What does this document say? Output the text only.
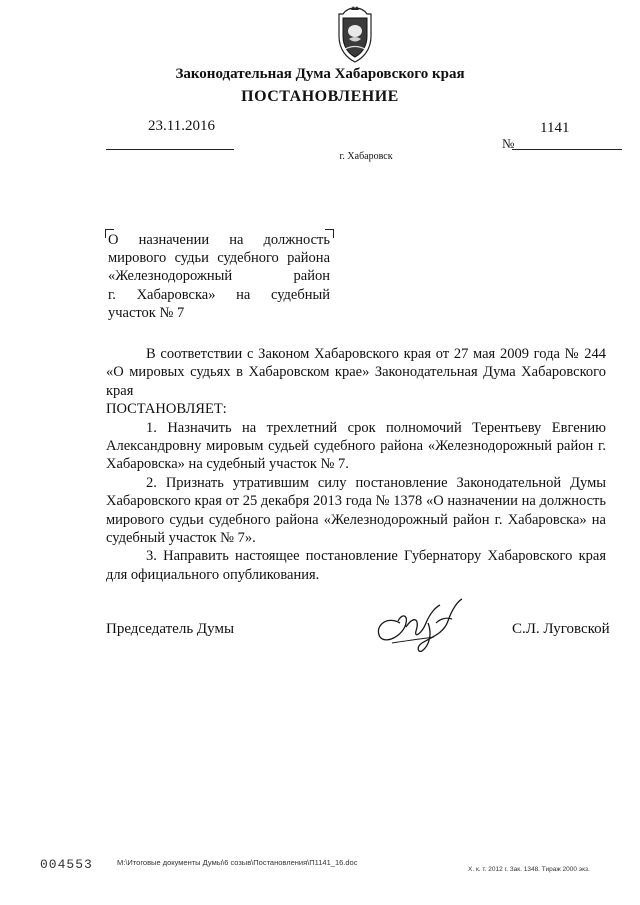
Законодательная Дума Хабаровского края
ПОСТАНОВЛЕНИЕ
23.11.2016
№
1141
г. Хабаровск
О назначении на должность
мирового судьи судебного района
«Железнодорожный район
г. Хабаровска» на судебный
участок № 7

В соответствии с Законом Хабаровского края от 27 мая 2009 года № 244 «О мировых судьях в Хабаровском крае» Законодательная Дума Хабаровского края

ПОСТАНОВЛЯЕТ:

1. Назначить на трехлетний срок полномочий Терентьеву Евгению Александровну мировым судьей судебного района «Железнодорожный район г. Хабаровска» на судебный участок № 7.

2. Признать утратившим силу постановление Законодательной Думы Хабаровского края от 25 декабря 2013 года № 1378 «О назначении на должность мирового судьи судебного района «Железнодорожный район г. Хабаровска» на судебный участок № 7».

3. Направить настоящее постановление Губернатору Хабаровского края для официального опубликования.

Председатель Думы	С.Л. Луговской
004553	M:\Итоговые документы Думы\6 созыв\Постановления\П1141_16.doc
Х. к. т. 2012 г. Зак. 1348. Тираж 2000 экз.
